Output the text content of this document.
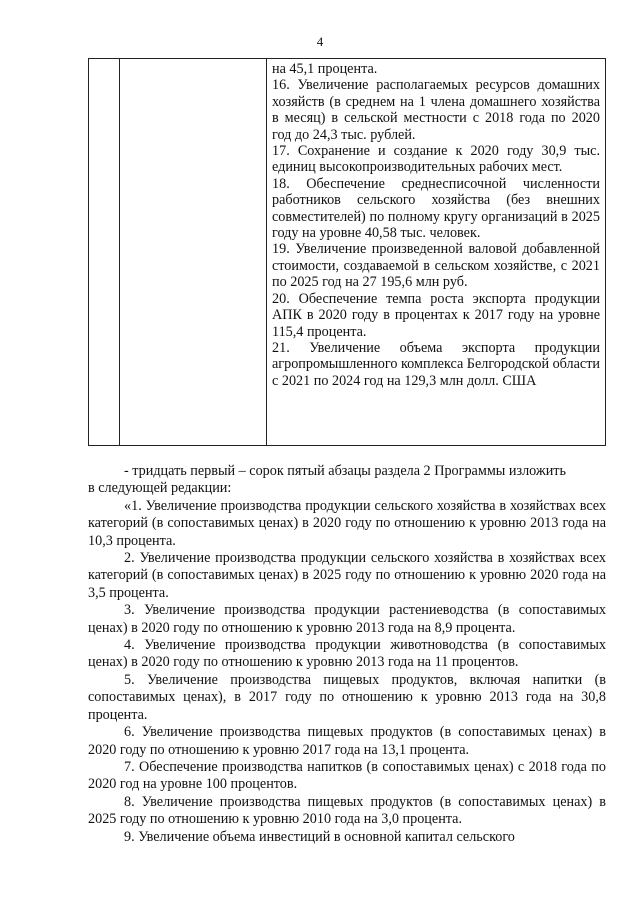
4

на 45,1 процента.

16. Увеличение располагаемых ресурсов домашних хозяйств (в среднем на 1 члена домашнего хозяйства в месяц) в сельской местности с 2018 года по 2020 год до 24,3 тыс. рублей.

17. Сохранение и создание к 2020 году 30,9 тыс. единиц высокопроизводительных рабочих мест.

18. Обеспечение среднесписочной численности работников сельского хозяйства (без внешних совместителей) по полному кругу организаций в 2025 году на уровне 40,58 тыс. человек.

19. Увеличение произведенной валовой добавленной стоимости, создаваемой в сельском хозяйстве, с 2021 по 2025 год на 27 195,6 млн руб.

20. Обеспечение темпа роста экспорта продукции АПК в 2020 году в процентах к 2017 году на уровне 115,4 процента.

21. Увеличение объема экспорта продукции агропромышленного комплекса Белгородской области с 2021 по 2024 год на 129,3 млн долл. США

- тридцать первый – сорок пятый абзацы раздела 2 Программы изложить

в следующей редакции:

«1. Увеличение производства продукции сельского хозяйства в хозяйствах всех категорий (в сопоставимых ценах) в 2020 году по отношению к уровню 2013 года на 10,3 процента.

2. Увеличение производства продукции сельского хозяйства в хозяйствах всех категорий (в сопоставимых ценах) в 2025 году по отношению к уровню 2020 года на 3,5 процента.

3. Увеличение производства продукции растениеводства (в сопоставимых ценах) в 2020 году по отношению к уровню 2013 года на 8,9 процента.

4. Увеличение производства продукции животноводства (в сопоставимых ценах) в 2020 году по отношению к уровню 2013 года на 11 процентов.

5. Увеличение производства пищевых продуктов, включая напитки (в сопоставимых ценах), в 2017 году по отношению к уровню 2013 года на 30,8 процента.

6. Увеличение производства пищевых продуктов (в сопоставимых ценах) в 2020 году по отношению к уровню 2017 года на 13,1 процента.

7. Обеспечение производства напитков (в сопоставимых ценах) с 2018 года по 2020 год на уровне 100 процентов.

8. Увеличение производства пищевых продуктов (в сопоставимых ценах) в 2025 году по отношению к уровню 2010 года на 3,0 процента.

9. Увеличение объема инвестиций в основной капитал сельского
